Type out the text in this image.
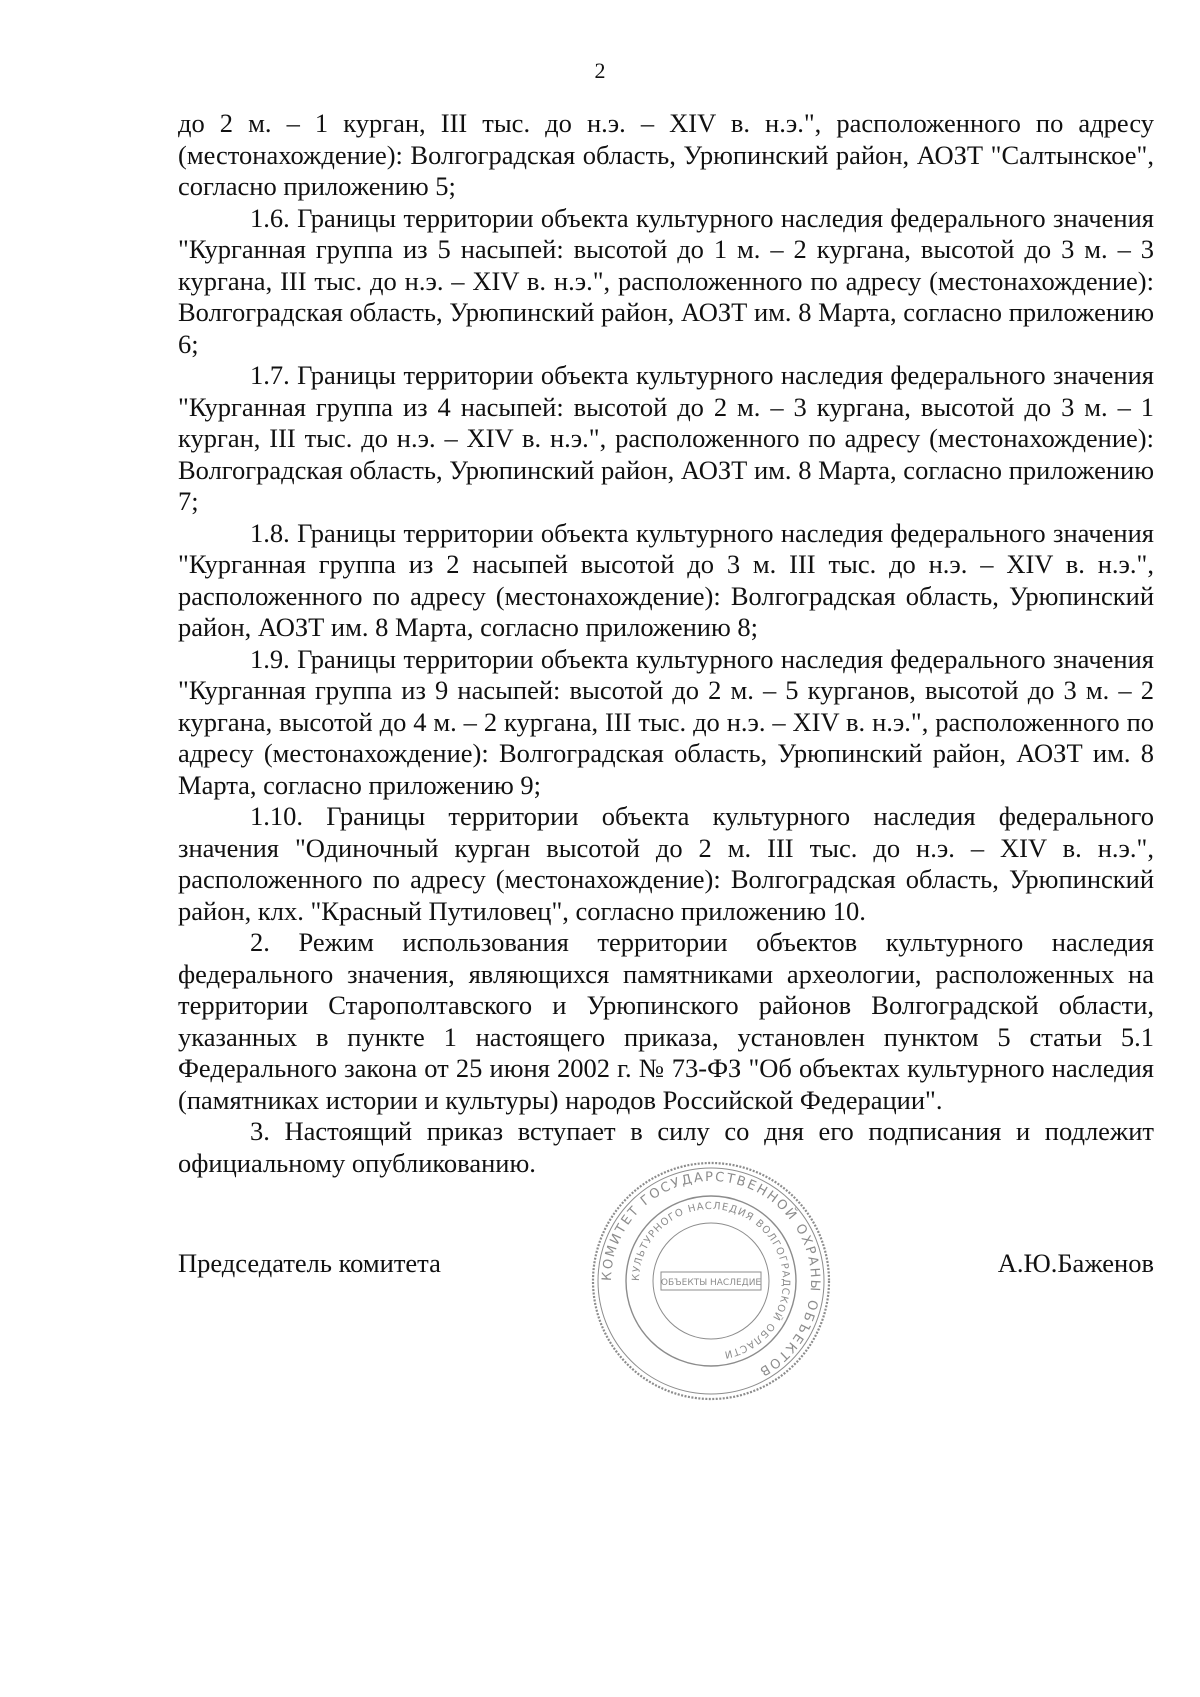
2

до 2 м. – 1 курган, III тыс. до н.э. – XIV в. н.э.", расположенного по адресу (местонахождение): Волгоградская область, Урюпинский район, АОЗТ "Салтынское", согласно приложению 5;

1.6. Границы территории объекта культурного наследия федерального значения "Курганная группа из 5 насыпей: высотой до 1 м. – 2 кургана, высотой до 3 м. – 3 кургана, III тыс. до н.э. – XIV в. н.э.", расположенного по адресу (местонахождение): Волгоградская область, Урюпинский район, АОЗТ им. 8 Марта, согласно приложению 6;

1.7. Границы территории объекта культурного наследия федерального значения "Курганная группа из 4 насыпей: высотой до 2 м. – 3 кургана, высотой до 3 м. – 1 курган, III тыс. до н.э. – XIV в. н.э.", расположенного по адресу (местонахождение): Волгоградская область, Урюпинский район, АОЗТ им. 8 Марта, согласно приложению 7;

1.8. Границы территории объекта культурного наследия федерального значения "Курганная группа из 2 насыпей высотой до 3 м. III тыс. до н.э. – XIV в. н.э.", расположенного по адресу (местонахождение): Волгоградская область, Урюпинский район, АОЗТ им. 8 Марта, согласно приложению 8;

1.9. Границы территории объекта культурного наследия федерального значения "Курганная группа из 9 насыпей: высотой до 2 м. – 5 курганов, высотой до 3 м. – 2 кургана, высотой до 4 м. – 2 кургана, III тыс. до н.э. – XIV в. н.э.", расположенного по адресу (местонахождение): Волгоградская область, Урюпинский район, АОЗТ им. 8 Марта, согласно приложению 9;

1.10. Границы территории объекта культурного наследия федерального значения "Одиночный курган высотой до 2 м. III тыс. до н.э. – XIV в. н.э.", расположенного по адресу (местонахождение): Волгоградская область, Урюпинский район, клх. "Красный Путиловец", согласно приложению 10.

2. Режим использования территории объектов культурного наследия федерального значения, являющихся памятниками археологии, расположенных на территории Старополтавского и Урюпинского районов Волгоградской области, указанных в пункте 1 настоящего приказа, установлен пунктом 5 статьи 5.1 Федерального закона от 25 июня 2002 г. № 73-ФЗ "Об объектах культурного наследия (памятниках истории и культуры) народов Российской Федерации".

3. Настоящий приказ вступает в силу со дня его подписания и подлежит официальному опубликованию.

КОМИТЕТ ГОСУДАРСТВЕННОЙ ОХРАНЫ ОБЪЕКТОВ
КУЛЬТУРНОГО НАСЛЕДИЯ ВОЛГОГРАДСКОЙ ОБЛАСТИ
ОБЪЕКТЫ НАСЛЕДИЕ
Председатель комитета	А.Ю.Баженов
